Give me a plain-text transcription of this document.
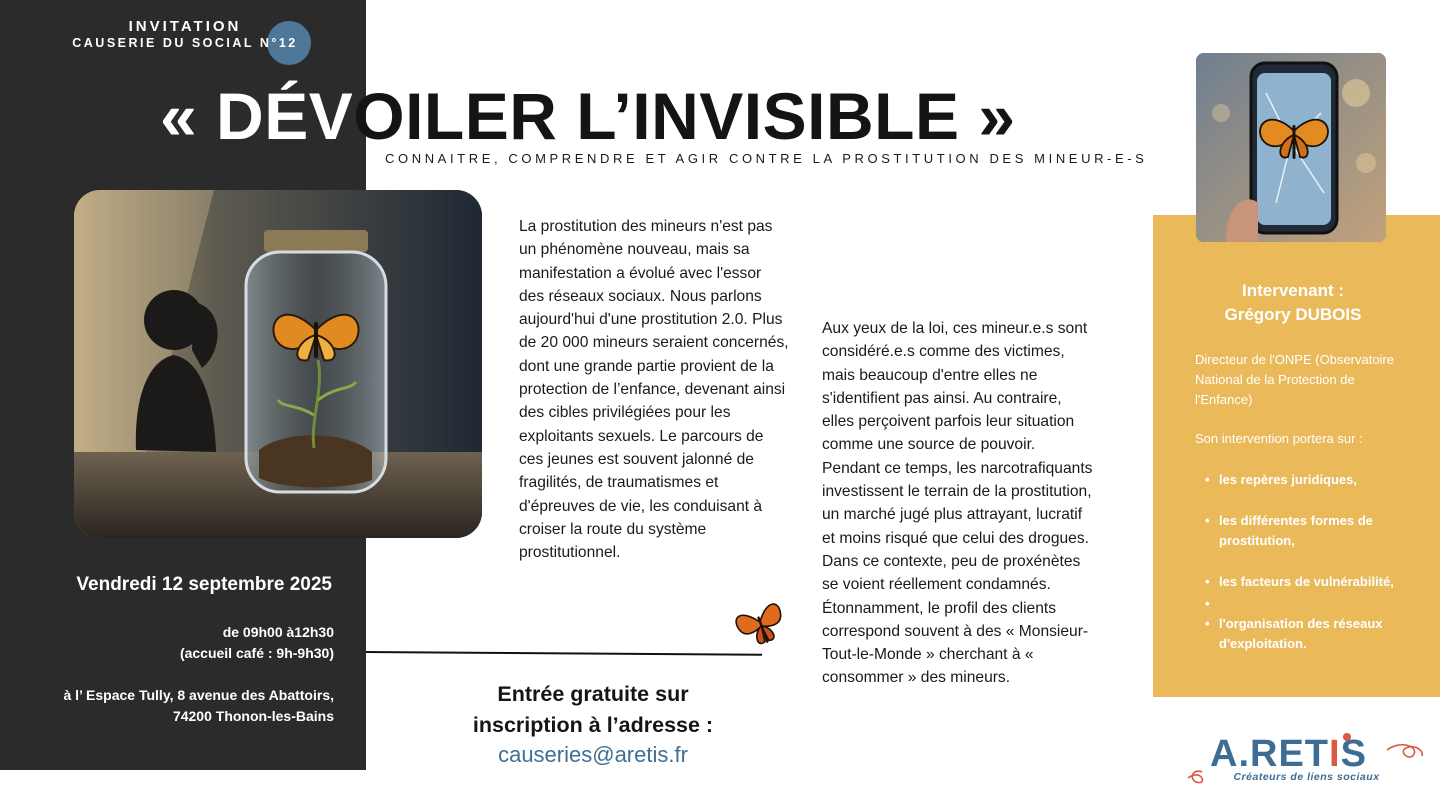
INVITATION
CAUSERIE DU SOCIAL N°12
« DÉVOILER L’INVISIBLE »
CONNAITRE, COMPRENDRE ET AGIR CONTRE LA PROSTITUTION DES MINEUR-E-S
Vendredi 12 septembre 2025
de 09h00 à12h30
(accueil café : 9h-9h30)
à l’ Espace Tully, 8 avenue des Abattoirs,
74200 Thonon-les-Bains
La prostitution des mineurs n'est pas un phénomène nouveau, mais sa manifestation a évolué avec l'essor des réseaux sociaux. Nous parlons aujourd'hui d'une prostitution 2.0. Plus de 20 000 mineurs seraient concernés, dont une grande partie provient de la protection de l’enfance, devenant ainsi des cibles privilégiées pour les exploitants sexuels. Le parcours de ces jeunes est souvent jalonné de fragilités, de traumatismes et d'épreuves de vie, les conduisant à croiser la route du système prostitutionnel.
Aux yeux de la loi, ces mineur.e.s sont considéré.e.s comme des victimes, mais beaucoup d'entre elles ne s'identifient pas ainsi. Au contraire, elles perçoivent parfois leur situation comme une source de pouvoir. Pendant ce temps, les narcotrafiquants investissent le terrain de la prostitution, un marché jugé plus attrayant, lucratif et moins risqué que celui des drogues. Dans ce contexte, peu de proxénètes se voient réellement condamnés. Étonnamment, le profil des clients correspond souvent à des « Monsieur-Tout-le-Monde » cherchant à « consommer » des mineurs.
Entrée gratuite sur
inscription à l’adresse :
causeries@aretis.fr
Intervenant :
Grégory DUBOIS
Directeur de l'ONPE (Observatoire National de la Protection de l'Enfance)
Son intervention portera sur :
• les repères juridiques,
• les différentes formes de prostitution,
• les facteurs de vulnérabilité,
•
• l'organisation des réseaux d'exploitation.
A.RETIS
Créateurs de liens sociaux
